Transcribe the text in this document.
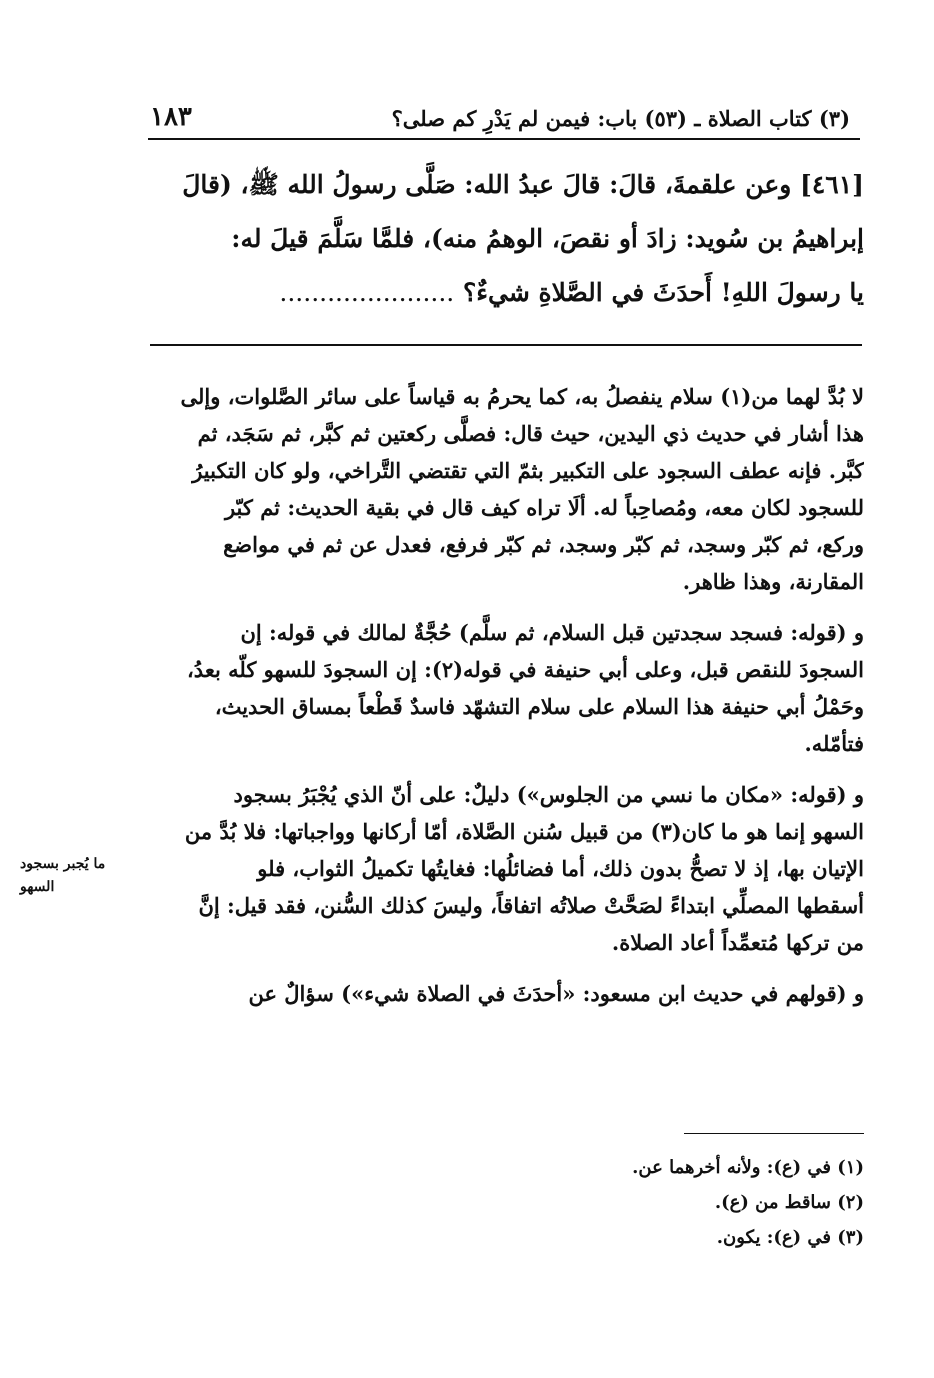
(٣) كتاب الصلاة ـ (٥٣) باب: فيمن لم يَدْرِ كم صلى؟
١٨٣
[٤٦١] وعن علقمةَ، قالَ: قالَ عبدُ الله: صَلَّى رسولُ الله ﷺ، (قالَ
إبراهيمُ بن سُويد: زادَ أو نقصَ، الوهمُ منه)، فلمَّا سَلَّمَ قيلَ له:
يا رسولَ اللهِ! أَحدَثَ في الصَّلاةِ شيءٌ؟ ......................
لا بُدَّ لهما من(١) سلام ينفصلُ به، كما يحرمُ به قياساً على سائر الصَّلوات، وإلى
هذا أشار في حديث ذي اليدين، حيث قال: فصلَّى ركعتين ثم كبَّر، ثم سَجَد، ثم
كبَّر. فإنه عطف السجود على التكبير بثمّ التي تقتضي التَّراخي، ولو كان التكبيرُ
للسجود لكان معه، ومُصاحِباً له. ألَا تراه كيف قال في بقية الحديث: ثم كبّر
وركع، ثم كبّر وسجد، ثم كبّر وسجد، ثم كبّر فرفع، فعدل عن ثم في مواضع
المقارنة، وهذا ظاهر.
و (قوله: فسجد سجدتين قبل السلام، ثم سلَّم) حُجَّةٌ لمالك في قوله: إن
السجودَ للنقص قبل، وعلى أبي حنيفة في قوله(٢): إن السجودَ للسهو كلّه بعدُ،
وحَمْلُ أبي حنيفة هذا السلام على سلام التشهّد فاسدٌ قَطْعاً بمساق الحديث،
فتأمّله.
و (قوله: «مكان ما نسي من الجلوس») دليلٌ: على أنّ الذي يُجْبَرُ بسجود
السهو إنما هو ما كان(٣) من قبيل سُنن الصَّلاة، أمّا أركانها وواجباتها: فلا بُدَّ من
الإتيان بها، إذ لا تصحُّ بدون ذلك، أما فضائلُها: فغايتُها تكميلُ الثواب، فلو
أسقطها المصلِّي ابتداءً لصَحَّتْ صلاتُه اتفاقاً، وليسَ كذلك السُّنن، فقد قيل: إنَّ
من تركها مُتعمِّداً أعاد الصلاة.
و (قولهم في حديث ابن مسعود: «أحدَثَ في الصلاة شيء») سؤالٌ عن
ما يُجبر بسجود
السهو
(١) في (ع): ولأنه أخرهما عن.
(٢) ساقط من (ع).
(٣) في (ع): يكون.
